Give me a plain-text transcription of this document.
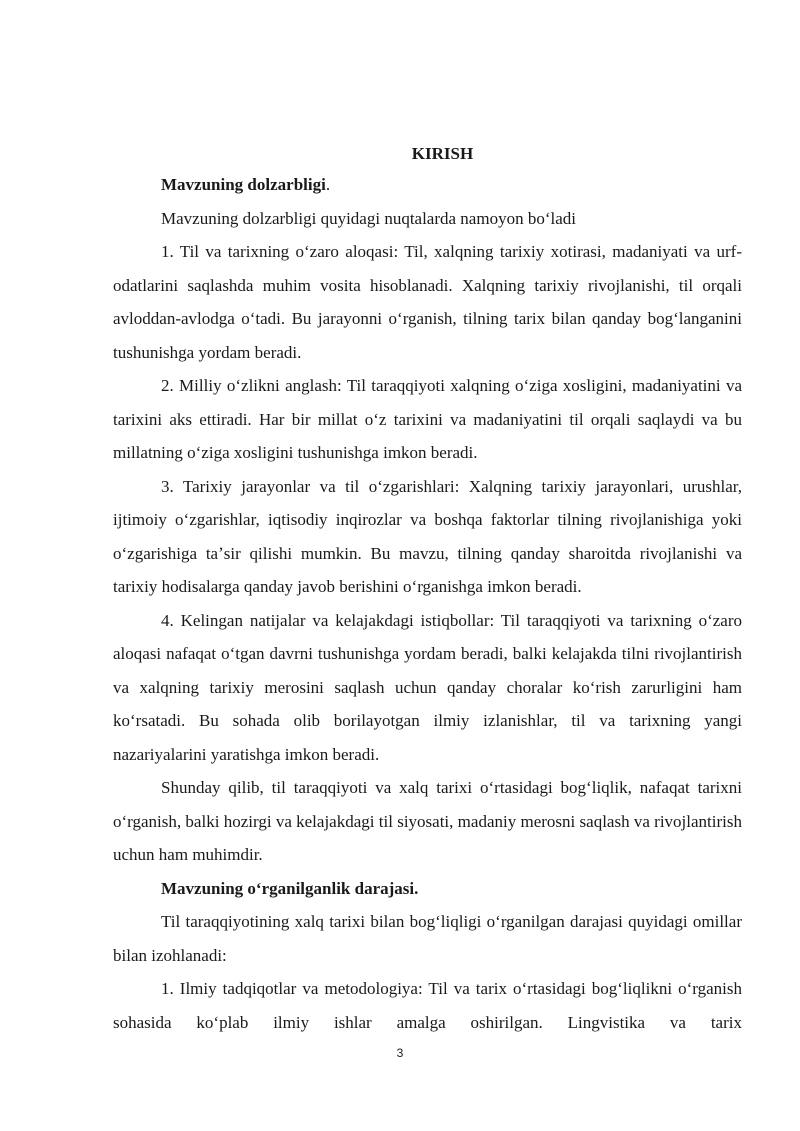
KIRISH

Mavzuning dolzarbligi.

Mavzuning dolzarbligi quyidagi nuqtalarda namoyon boʻladi

1. Til va tarixning oʻzaro aloqasi: Til, xalqning tarixiy xotirasi, madaniyati va urf-odatlarini saqlashda muhim vosita hisoblanadi. Xalqning tarixiy rivojlanishi, til orqali avloddan-avlodga oʻtadi. Bu jarayonni oʻrganish, tilning tarix bilan qanday bogʻlanganini tushunishga yordam beradi.

2. Milliy oʻzlikni anglash: Til taraqqiyoti xalqning oʻziga xosligini, madaniyatini va tarixini aks ettiradi. Har bir millat oʻz tarixini va madaniyatini til orqali saqlaydi va bu millatning oʻziga xosligini tushunishga imkon beradi.

3. Tarixiy jarayonlar va til oʻzgarishlari: Xalqning tarixiy jarayonlari, urushlar, ijtimoiy oʻzgarishlar, iqtisodiy inqirozlar va boshqa faktorlar tilning rivojlanishiga yoki oʻzgarishiga taʼsir qilishi mumkin. Bu mavzu, tilning qanday sharoitda rivojlanishi va tarixiy hodisalarga qanday javob berishini oʻrganishga imkon beradi.

4. Kelingan natijalar va kelajakdagi istiqbollar: Til taraqqiyoti va tarixning oʻzaro aloqasi nafaqat oʻtgan davrni tushunishga yordam beradi, balki kelajakda tilni rivojlantirish va xalqning tarixiy merosini saqlash uchun qanday choralar koʻrish zarurligini ham koʻrsatadi. Bu sohada olib borilayotgan ilmiy izlanishlar, til va tarixning yangi nazariyalarini yaratishga imkon beradi.

Shunday qilib, til taraqqiyoti va xalq tarixi oʻrtasidagi bogʻliqlik, nafaqat tarixni oʻrganish, balki hozirgi va kelajakdagi til siyosati, madaniy merosni saqlash va rivojlantirish uchun ham muhimdir.

Mavzuning oʻrganilganlik darajasi.

Til taraqqiyotining xalq tarixi bilan bogʻliqligi oʻrganilgan darajasi quyidagi omillar bilan izohlanadi:

1. Ilmiy tadqiqotlar va metodologiya: Til va tarix oʻrtasidagi bogʻliqlikni oʻrganish sohasida koʻplab ilmiy ishlar amalga oshirilgan. Lingvistika va tarix

3
